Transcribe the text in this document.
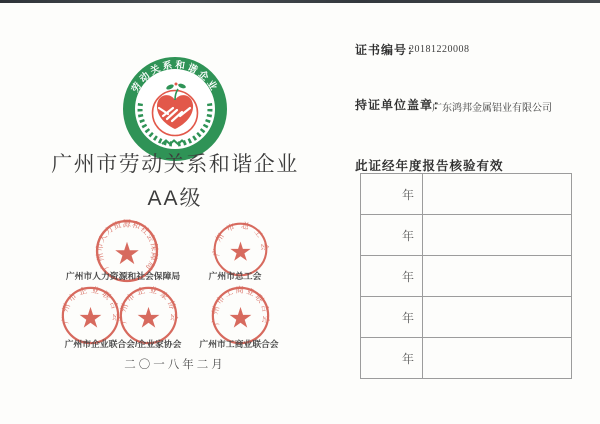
劳动关系和谐企业
广州市劳动关系和谐企业
AA级
广州市人力资源和社会保障局
广州市人力资源和社会保障局
广州市总工会
广州市总工会
广州市企业联合会
广州市企业家协会
广州市企业联合会/企业家协会
广州市工商业联合会
广州市工商业联合会
二〇一八年二月
证书编号：
20181220008
持证单位盖章：
广东鸿邦金属铝业有限公司
此证经年度报告核验有效
年	
年	
年	
年	
年	
